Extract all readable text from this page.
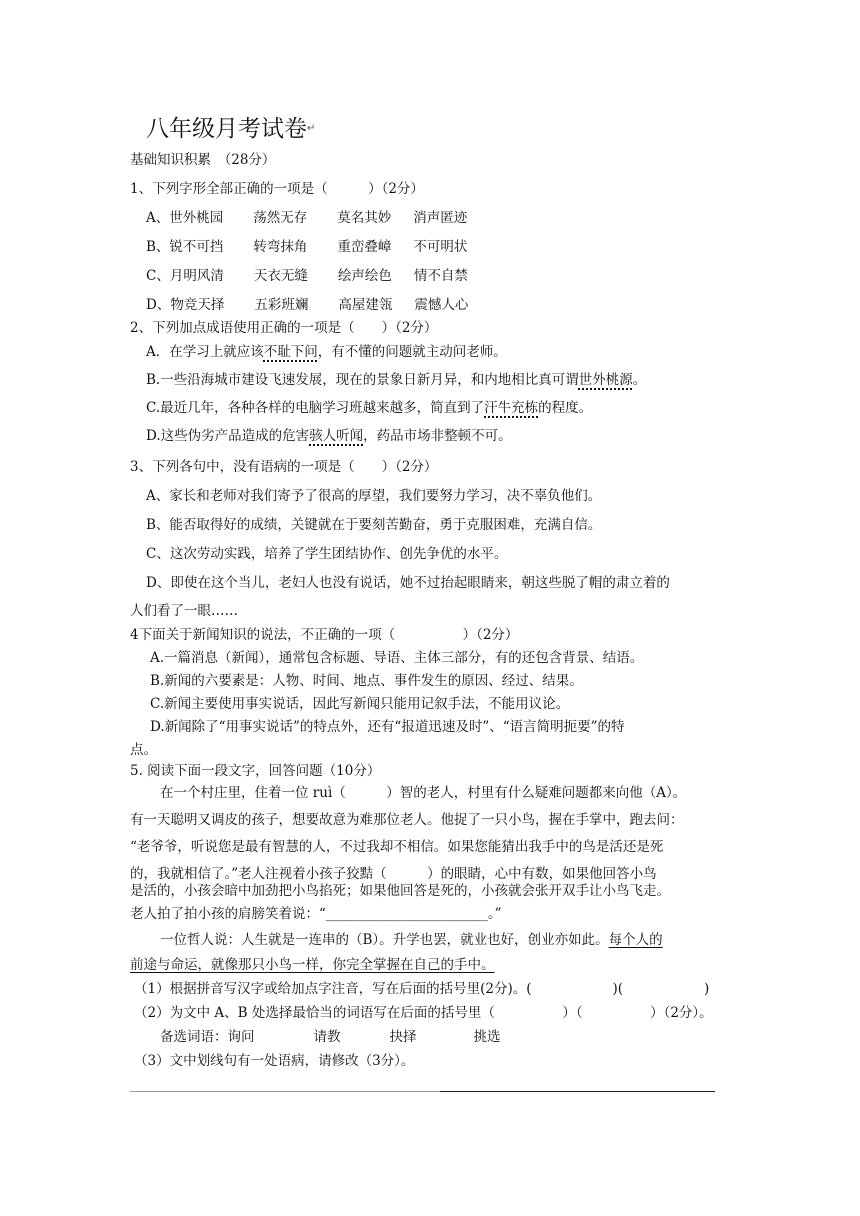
八年级月考试卷↵
基础知识积累　（28分）
1、下列字形全部正确的一项是（　　　）（2分）
A、世外桃园 荡然无存 莫名其妙 消声匿迹
B、锐不可挡 转弯抹角 重峦叠嶂 不可明状
C、月明风清 天衣无缝 绘声绘色 情不自禁
D、物竞天择 五彩班斓 高屋建瓴 震憾人心
2、下列加点成语使用正确的一项是（　　）（2分）
A．在学习上就应该不耻下问，有不懂的问题就主动问老师。
B.一些沿海城市建设飞速发展，现在的景象日新月异，和内地相比真可谓世外桃源。
C.最近几年，各种各样的电脑学习班越来越多，简直到了汗牛充栋的程度。
D.这些伪劣产品造成的危害骇人听闻，药品市场非整顿不可。
3、下列各句中，没有语病的一项是（　　）（2分）
A、家长和老师对我们寄予了很高的厚望，我们要努力学习，决不辜负他们。
B、能否取得好的成绩，关键就在于要刻苦勤奋，勇于克服困难，充满自信。
C、这次劳动实践，培养了学生团结协作、创先争优的水平。
D、即使在这个当儿，老妇人也没有说话，她不过抬起眼睛来，朝这些脱了帽的肃立着的
人们看了一眼……
4下面关于新闻知识的说法，不正确的一项（　　　　　）（2分）
A.一篇消息（新闻），通常包含标题、导语、主体三部分，有的还包含背景、结语。
B.新闻的六要素是：人物、时间、地点、事件发生的原因、经过、结果。
C.新闻主要使用事实说话，因此写新闻只能用记叙手法，不能用议论。
D.新闻除了“用事实说话”的特点外，还有“报道迅速及时”、“语言简明扼要”的特
点。
5. 阅读下面一段文字，回答问题（10分）
在一个村庄里，住着一位 ruì（　　　）智的老人，村里有什么疑难问题都来向他（A）。
有一天聪明又调皮的孩子，想要故意为难那位老人。他捉了一只小鸟，握在手掌中，跑去问：
“老爷爷，听说您是最有智慧的人，不过我却不相信。如果您能猜出我手中的鸟是活还是死
的，我就相信了。”老人注视着小孩子狡黠（　　　）的眼睛，心中有数，如果他回答小鸟
是活的，小孩会暗中加劲把小鸟掐死；如果他回答是死的，小孩就会张开双手让小鸟飞走。
老人拍了拍小孩的肩膀笑着说：“________________________。”
一位哲人说：人生就是一连串的（B）。升学也罢，就业也好，创业亦如此。每个人的
前途与命运，就像那只小鸟一样，你完全掌握在自己的手中。
（1）根据拼音写汉字或给加点字注音，写在后面的括号里(2分)。(　　　　　　)(　　　　　　)
（2）为文中 A、B 处选择最恰当的词语写在后面的括号里（　　　　　）（　　　　　）（2分）。
备选词语：询问	请教	抉择	挑选
（3）文中划线句有一处语病，请修改（3分）。
